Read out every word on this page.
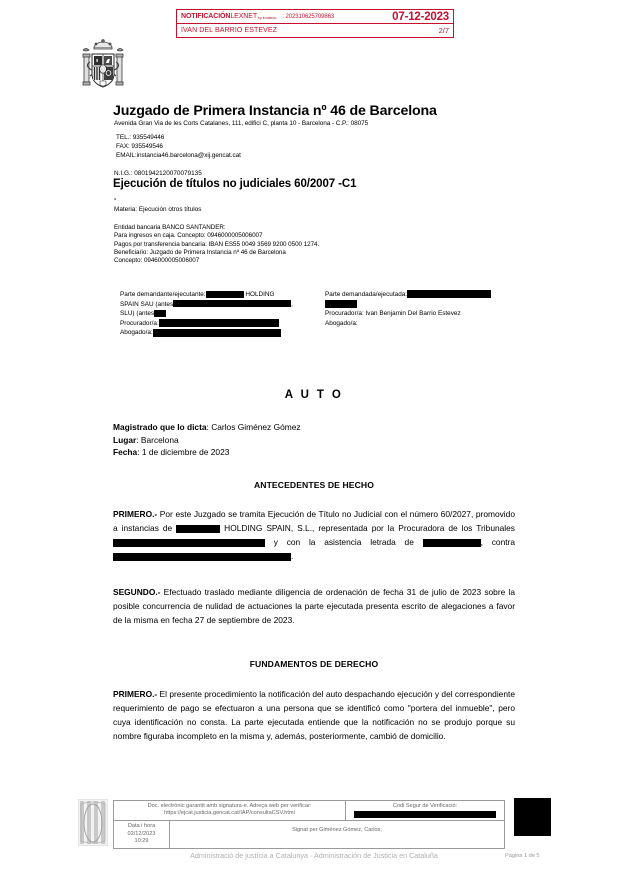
NOTIFICACIÓN LEXNET by kmaleon : 202310625709863	07-12-2023
IVAN DEL BARRIO ESTEVEZ	2/7
Juzgado de Primera Instancia nº 46 de Barcelona
Avenida Gran Via de les Corts Catalanes, 111, edifici C, planta 10 - Barcelona - C.P.: 08075
TEL.: 935549446
FAX: 935549546
EMAIL:instancia46.barcelona@xij.gencat.cat
N.I.G.: 0801942120070079135
Ejecución de títulos no judiciales 60/2007 -C1
-
Materia: Ejecución otros títulos
Entidad bancaria BANCO SANTANDER:
Para ingresos en caja. Concepto: 0946000005006007
Pagos por transferencia bancaria: IBAN ES55 0049 3569 9200 0500 1274.
Beneficiario: Juzgado de Primera Instancia nº 46 de Barcelona
Concepto: 0946000005006007
Parte demandante/ejecutante:	HOLDING
SPAIN SAU (antes	,
SLU) (antes
Procurador/a:
Abogado/a:
Parte demandada/ejecutada:
Procurador/a: Ivan Benjamin Del Barrio Estevez
Abogado/a:
A U T O
Magistrado que lo dicta: Carlos Giménez Gómez
Lugar: Barcelona
Fecha: 1 de diciembre de 2023
ANTECEDENTES DE HECHO
PRIMERO.- Por este Juzgado se tramita Ejecución de Título no Judicial con el número 60/2027, promovido a instancias de	HOLDING SPAIN, S.L., representada por la Procuradora de los Tribunales  y con la asistencia letrada de	, contra .
SEGUNDO.- Efectuado traslado mediante diligencia de ordenación de fecha 31 de julio de 2023 sobre la posible concurrencia de nulidad de actuaciones la parte ejecutada presenta escrito de alegaciones a favor de la misma en fecha 27 de septiembre de 2023.
FUNDAMENTOS DE DERECHO
PRIMERO.- El presente procedimiento la notificación del auto despachando ejecución y del correspondiente requerimiento de pago se efectuaron a una persona que se identificó como "portera del inmueble", pero cuya identificación no consta. La parte ejecutada entiende que la notificación no se produjo porque su nombre figuraba incompleto en la misma y, además, posteriormente, cambió de domicilio.
Doc. electrònic garantit amb signatura-e. Adreça web per verificar:
https://ejcat.justicia.gencat.cat/IAP/consultaCSV.html
Codi Segur de Verificació:
Data i hora
02/12/2023
10:29
Signat per Giménez Gómez, Carlos;
Administració de justícia a Catalunya · Administración de Justicia en Cataluña	Página 1 de 5
